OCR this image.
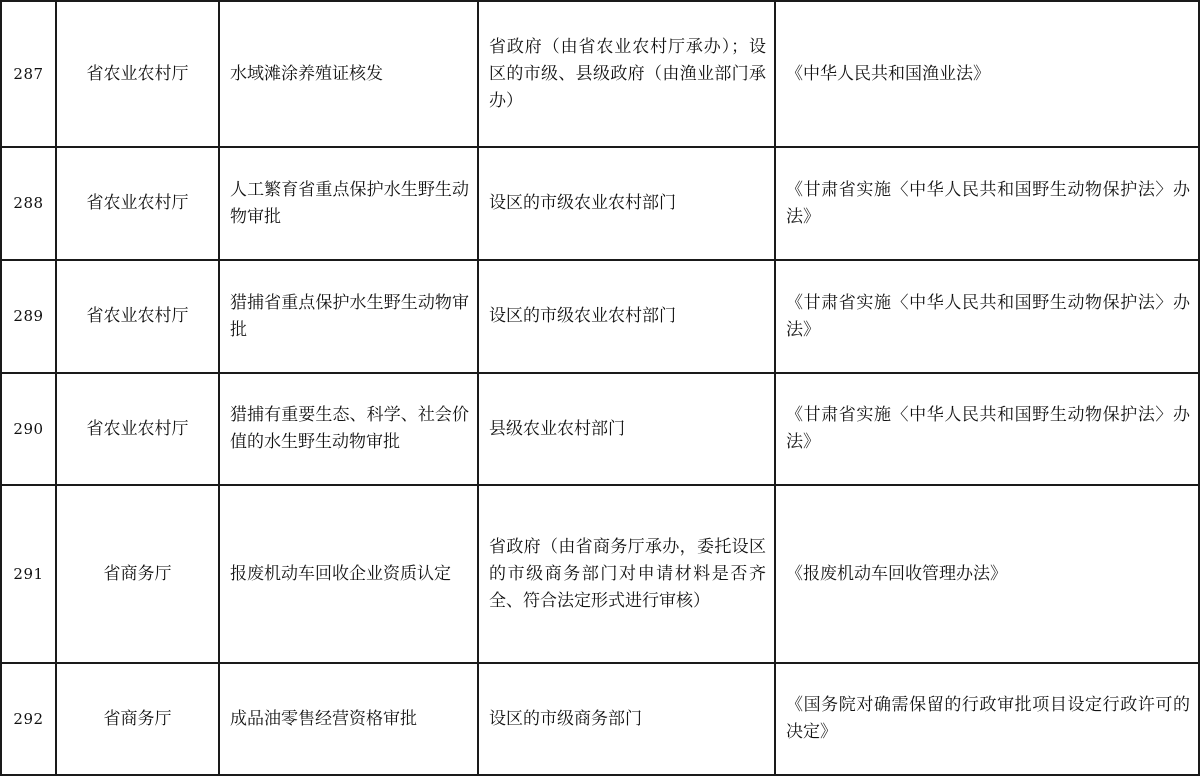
287	省农业农村厅	水域滩涂养殖证核发	省政府（由省农业农村厅承办）；设区的市级、县级政府（由渔业部门承办）	《中华人民共和国渔业法》
288	省农业农村厅	人工繁育省重点保护水生野生动物审批	设区的市级农业农村部门	《甘肃省实施〈中华人民共和国野生动物保护法〉办法》
289	省农业农村厅	猎捕省重点保护水生野生动物审批	设区的市级农业农村部门	《甘肃省实施〈中华人民共和国野生动物保护法〉办法》
290	省农业农村厅	猎捕有重要生态、科学、社会价值的水生野生动物审批	县级农业农村部门	《甘肃省实施〈中华人民共和国野生动物保护法〉办法》
291	省商务厅	报废机动车回收企业资质认定	省政府（由省商务厅承办，委托设区的市级商务部门对申请材料是否齐全、符合法定形式进行审核）	《报废机动车回收管理办法》
292	省商务厅	成品油零售经营资格审批	设区的市级商务部门	《国务院对确需保留的行政审批项目设定行政许可的决定》
